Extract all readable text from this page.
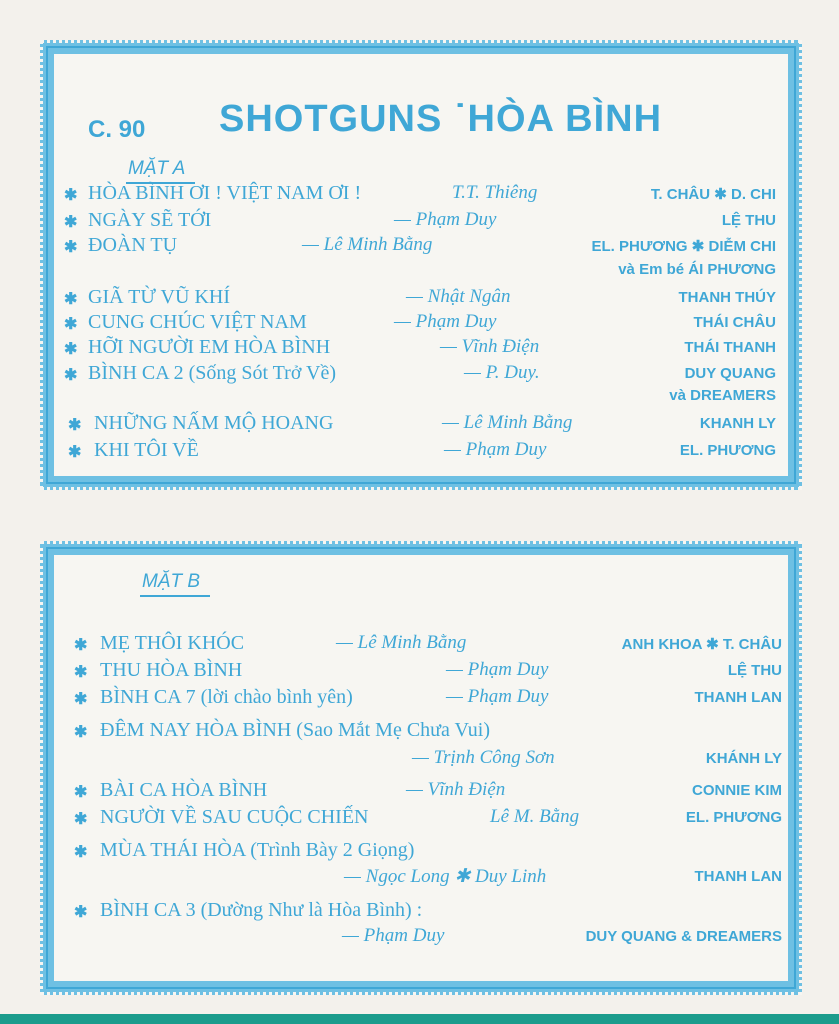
C. 90 SHOTGUNS ˙HÒA BÌNH
MẶT A
✱ HÒA BÌNH ƠI ! VIỆT NAM ƠI !	T.T. Thiêng	T. CHÂU ✱ D. CHI
✱ NGÀY SẼ TỚI	— Phạm Duy	LỆ THU
✱ ĐOÀN TỤ	— Lê Minh Bằng	EL. PHƯƠNG ✱ DIỄM CHI
và Em bé ÁI PHƯƠNG
✱ GIÃ TỪ VŨ KHÍ	— Nhật Ngân	THANH THÚY
✱ CUNG CHÚC VIỆT NAM	— Phạm Duy	THÁI CHÂU
✱ HỠI NGƯỜI EM HÒA BÌNH	— Vĩnh Điện	THÁI THANH
✱ BÌNH CA 2 (Sống Sót Trở Về)	— P. Duy.	DUY QUANG
và DREAMERS
✱ NHỮNG NẤM MỘ HOANG	— Lê Minh Bằng	KHANH LY
✱ KHI TÔI VỀ	— Phạm Duy	EL. PHƯƠNG
MẶT B
✱ MẸ THÔI KHÓC	— Lê Minh Bằng	ANH KHOA ✱ T. CHÂU
✱ THU HÒA BÌNH	— Phạm Duy	LỆ THU
✱ BÌNH CA 7 (lời chào bình yên)	— Phạm Duy	THANH LAN
✱ ĐÊM NAY HÒA BÌNH (Sao Mắt Mẹ Chưa Vui)
— Trịnh Công Sơn	KHÁNH LY
✱ BÀI CA HÒA BÌNH	— Vĩnh Điện	CONNIE KIM
✱ NGƯỜI VỀ SAU CUỘC CHIẾN	Lê M. Bằng	EL. PHƯƠNG
✱ MÙA THÁI HÒA (Trình Bày 2 Giọng)
— Ngọc Long ✱ Duy Linh	THANH LAN
✱ BÌNH CA 3 (Dường Như là Hòa Bình) :
— Phạm Duy	DUY QUANG & DREAMERS
